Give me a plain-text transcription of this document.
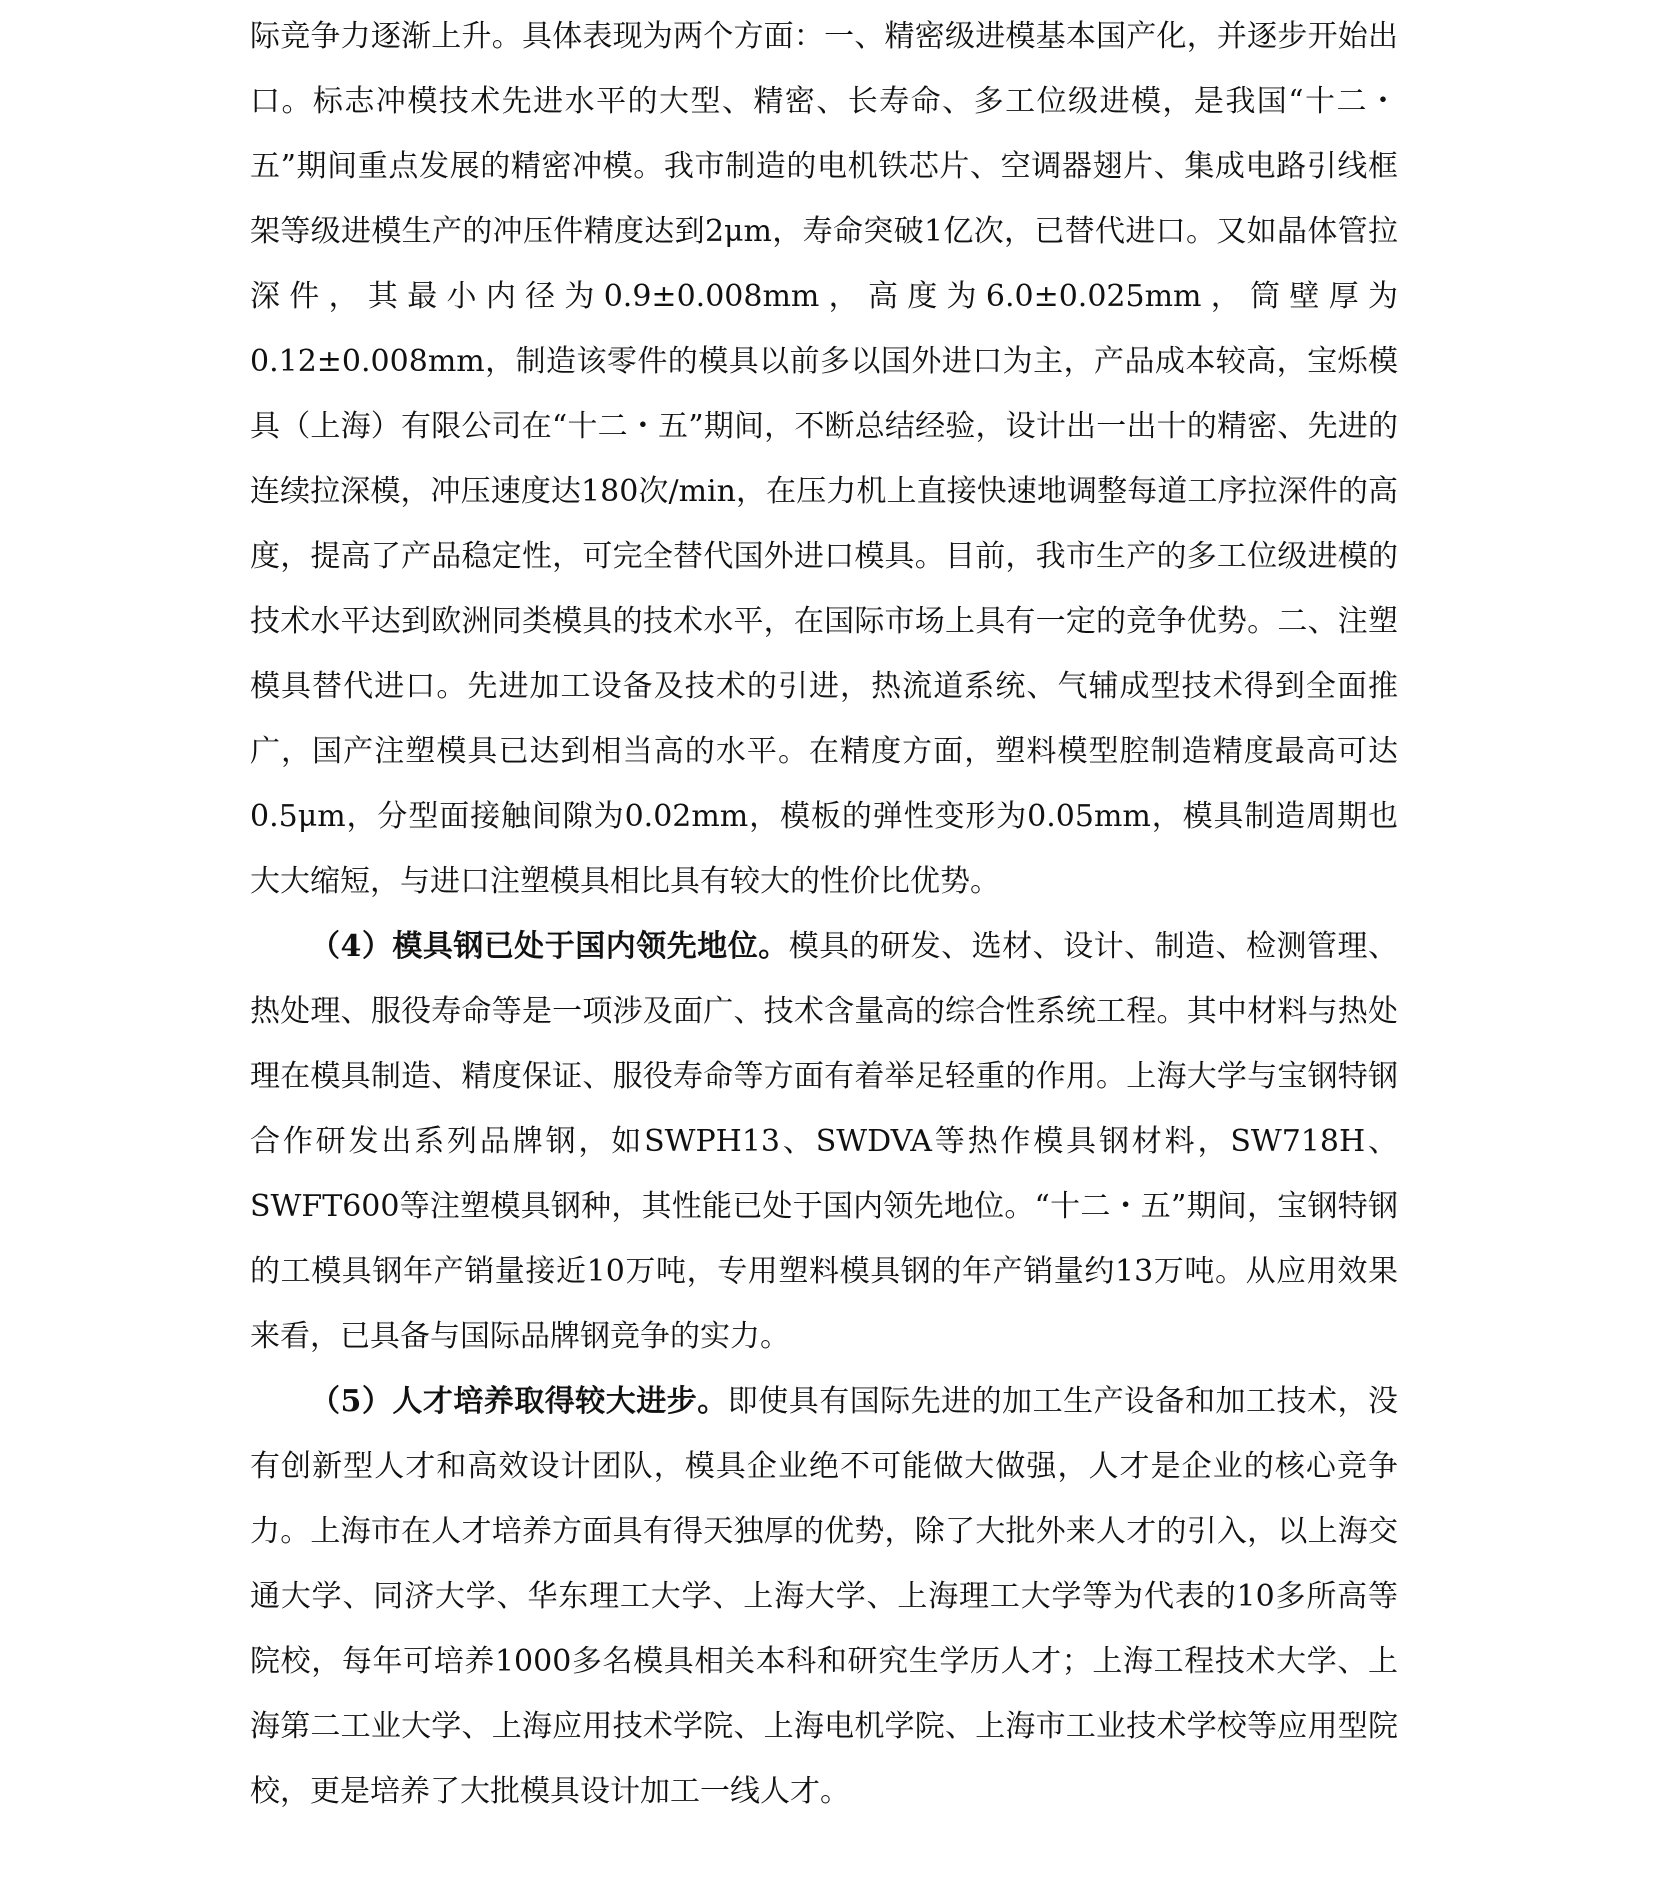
际竞争力逐渐上升。具体表现为两个方面：一、精密级进模基本国产化，并逐步开始出口。标志冲模技术先进水平的大型、精密、长寿命、多工位级进模，是我国“十二・五”期间重点发展的精密冲模。我市制造的电机铁芯片、空调器翅片、集成电路引线框架等级进模生产的冲压件精度达到2μm，寿命突破1亿次，已替代进口。又如晶体管拉深件，其最小内径为0.9±0.008mm，高度为6.0±0.025mm，筒壁厚为0.12±0.008mm，制造该零件的模具以前多以国外进口为主，产品成本较高，宝烁模具（上海）有限公司在“十二・五”期间，不断总结经验，设计出一出十的精密、先进的连续拉深模，冲压速度达180次/min，在压力机上直接快速地调整每道工序拉深件的高度，提高了产品稳定性，可完全替代国外进口模具。目前，我市生产的多工位级进模的技术水平达到欧洲同类模具的技术水平，在国际市场上具有一定的竞争优势。二、注塑模具替代进口。先进加工设备及技术的引进，热流道系统、气辅成型技术得到全面推广，国产注塑模具已达到相当高的水平。在精度方面，塑料模型腔制造精度最高可达0.5μm，分型面接触间隙为0.02mm，模板的弹性变形为0.05mm，模具制造周期也大大缩短，与进口注塑模具相比具有较大的性价比优势。

（4）模具钢已处于国内领先地位。模具的研发、选材、设计、制造、检测管理、热处理、服役寿命等是一项涉及面广、技术含量高的综合性系统工程。其中材料与热处理在模具制造、精度保证、服役寿命等方面有着举足轻重的作用。上海大学与宝钢特钢合作研发出系列品牌钢，如SWPH13、SWDVA等热作模具钢材料，SW718H、SWFT600等注塑模具钢种，其性能已处于国内领先地位。“十二・五”期间，宝钢特钢的工模具钢年产销量接近10万吨，专用塑料模具钢的年产销量约13万吨。从应用效果来看，已具备与国际品牌钢竞争的实力。

（5）人才培养取得较大进步。即使具有国际先进的加工生产设备和加工技术，没有创新型人才和高效设计团队，模具企业绝不可能做大做强，人才是企业的核心竞争力。上海市在人才培养方面具有得天独厚的优势，除了大批外来人才的引入，以上海交通大学、同济大学、华东理工大学、上海大学、上海理工大学等为代表的10多所高等院校，每年可培养1000多名模具相关本科和研究生学历人才；上海工程技术大学、上海第二工业大学、上海应用技术学院、上海电机学院、上海市工业技术学校等应用型院校，更是培养了大批模具设计加工一线人才。
